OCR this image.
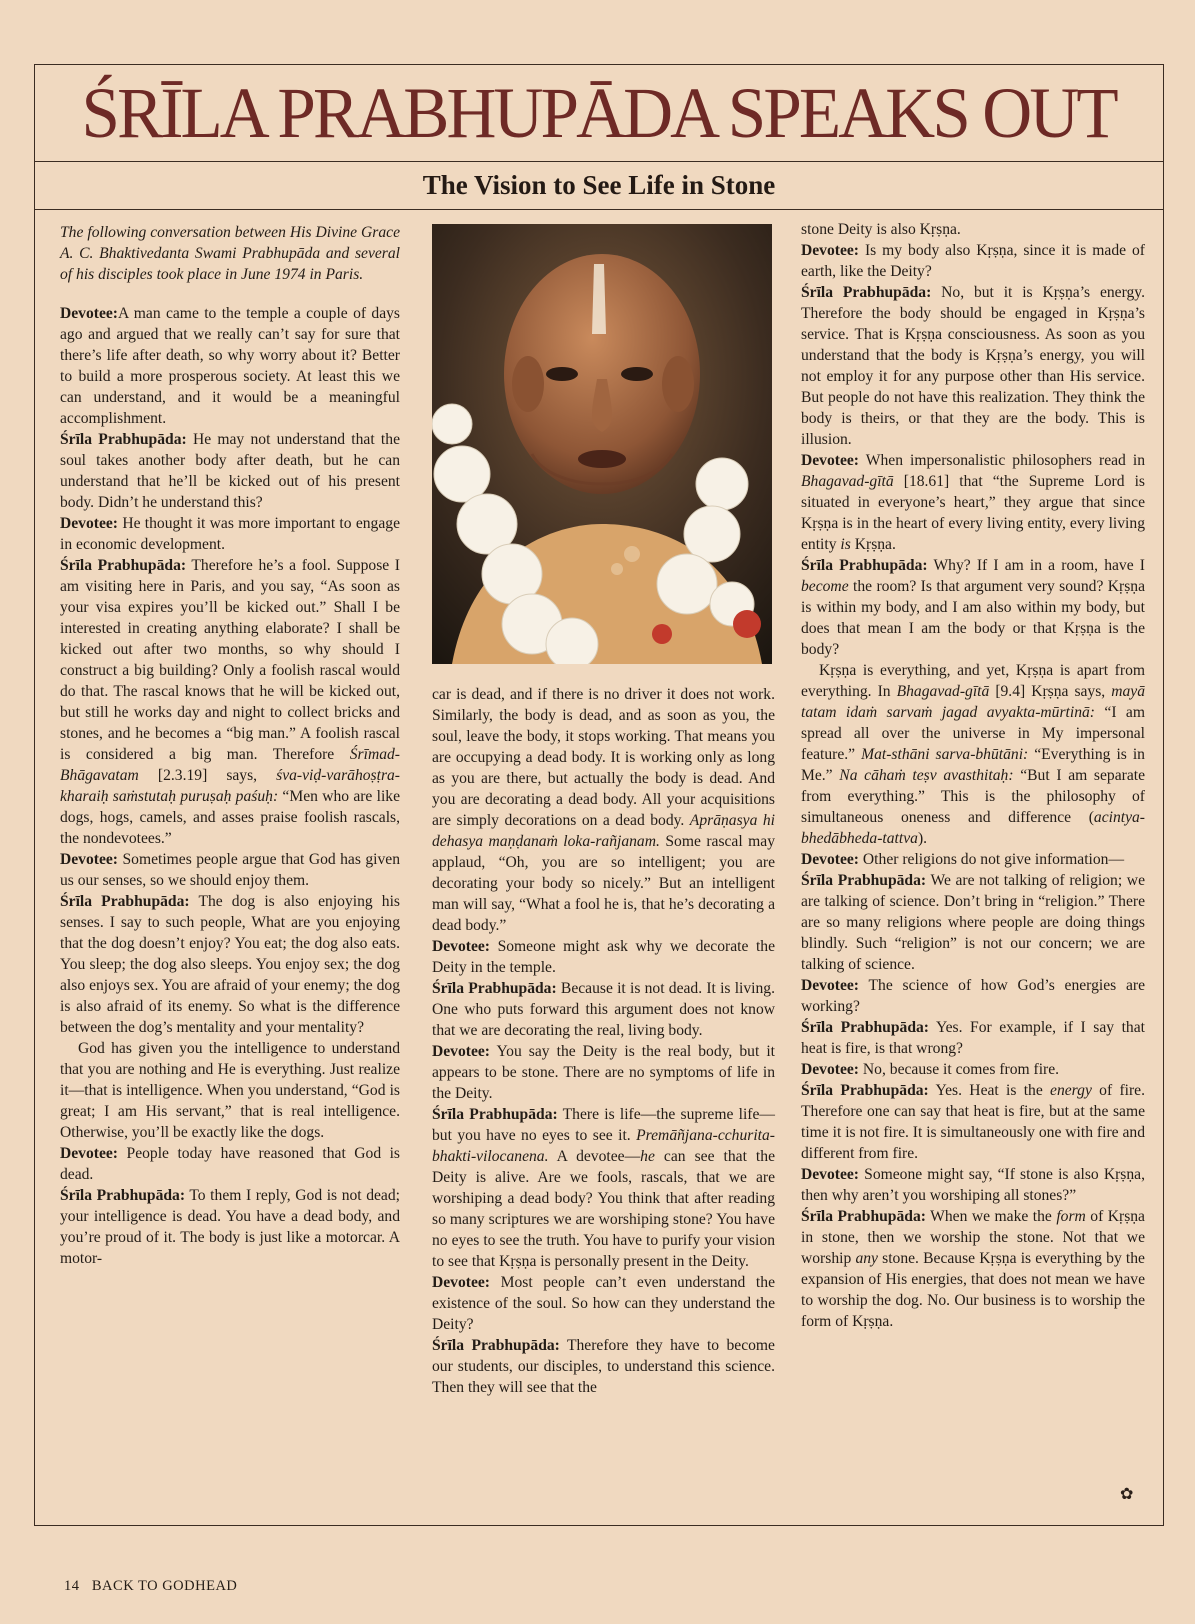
ŚRĪLA PRABHUPĀDA SPEAKS OUT
The Vision to See Life in Stone

The following conversation between His Divine Grace A. C. Bhaktivedanta Swami Prabhupāda and several of his disciples took place in June 1974 in Paris.

Devotee:A man came to the temple a couple of days ago and argued that we really can’t say for sure that there’s life after death, so why worry about it? Better to build a more prosperous society. At least this we can understand, and it would be a meaningful accomplishment.

Śrīla Prabhupāda: He may not understand that the soul takes another body after death, but he can understand that he’ll be kicked out of his present body. Didn’t he understand this?

Devotee: He thought it was more important to engage in economic development.

Śrīla Prabhupāda: Therefore he’s a fool. Suppose I am visiting here in Paris, and you say, “As soon as your visa expires you’ll be kicked out.” Shall I be interested in creating anything elaborate? I shall be kicked out after two months, so why should I construct a big building? Only a foolish rascal would do that. The rascal knows that he will be kicked out, but still he works day and night to collect bricks and stones, and he becomes a “big man.” A foolish rascal is considered a big man. Therefore Śrīmad-Bhāgavatam [2.3.19] says, śva-viḍ-varāhoṣṭra-kharaiḥ saṁstutaḥ puruṣaḥ paśuḥ: “Men who are like dogs, hogs, camels, and asses praise foolish rascals, the nondevotees.”

Devotee: Sometimes people argue that God has given us our senses, so we should enjoy them.

Śrīla Prabhupāda: The dog is also enjoying his senses. I say to such people, What are you enjoying that the dog doesn’t enjoy? You eat; the dog also eats. You sleep; the dog also sleeps. You enjoy sex; the dog also enjoys sex. You are afraid of your enemy; the dog is also afraid of its enemy. So what is the difference between the dog’s mentality and your mentality?

God has given you the intelligence to understand that you are nothing and He is everything. Just realize it—that is intelligence. When you understand, “God is great; I am His servant,” that is real intelligence. Otherwise, you’ll be exactly like the dogs.

Devotee: People today have reasoned that God is dead.

Śrīla Prabhupāda: To them I reply, God is not dead; your intelligence is dead. You have a dead body, and you’re proud of it. The body is just like a motorcar. A motor-

car is dead, and if there is no driver it does not work. Similarly, the body is dead, and as soon as you, the soul, leave the body, it stops working. That means you are occupying a dead body. It is working only as long as you are there, but actually the body is dead. And you are decorating a dead body. All your acquisitions are simply decorations on a dead body. Aprāṇasya hi dehasya maṇḍanaṁ loka-rañjanam. Some rascal may applaud, “Oh, you are so intelligent; you are decorating your body so nicely.” But an intelligent man will say, “What a fool he is, that he’s decorating a dead body.”

Devotee: Someone might ask why we decorate the Deity in the temple.

Śrīla Prabhupāda: Because it is not dead. It is living. One who puts forward this argument does not know that we are decorating the real, living body.

Devotee: You say the Deity is the real body, but it appears to be stone. There are no symptoms of life in the Deity.

Śrīla Prabhupāda: There is life—the supreme life—but you have no eyes to see it. Premāñjana-cchurita-bhakti-vilocanena. A devotee—he can see that the Deity is alive. Are we fools, rascals, that we are worshiping a dead body? You think that after reading so many scriptures we are worshiping stone? You have no eyes to see the truth. You have to purify your vision to see that Kṛṣṇa is personally present in the Deity.

Devotee: Most people can’t even understand the existence of the soul. So how can they understand the Deity?

Śrīla Prabhupāda: Therefore they have to become our students, our disciples, to understand this science. Then they will see that the

stone Deity is also Kṛṣṇa.

Devotee: Is my body also Kṛṣṇa, since it is made of earth, like the Deity?

Śrīla Prabhupāda: No, but it is Kṛṣṇa’s energy. Therefore the body should be engaged in Kṛṣṇa’s service. That is Kṛṣṇa consciousness. As soon as you understand that the body is Kṛṣṇa’s energy, you will not employ it for any purpose other than His service. But people do not have this realization. They think the body is theirs, or that they are the body. This is illusion.

Devotee: When impersonalistic philosophers read in Bhagavad-gītā [18.61] that “the Supreme Lord is situated in everyone’s heart,” they argue that since Kṛṣṇa is in the heart of every living entity, every living entity is Kṛṣṇa.

Śrīla Prabhupāda: Why? If I am in a room, have I become the room? Is that argument very sound? Kṛṣṇa is within my body, and I am also within my body, but does that mean I am the body or that Kṛṣṇa is the body?

Kṛṣṇa is everything, and yet, Kṛṣṇa is apart from everything. In Bhagavad-gītā [9.4] Kṛṣṇa says, mayā tatam idaṁ sarvaṁ jagad avyakta-mūrtinā: “I am spread all over the universe in My impersonal feature.” Mat-sthāni sarva-bhūtāni: “Everything is in Me.” Na cāhaṁ teṣv avasthitaḥ: “But I am separate from everything.” This is the philosophy of simultaneous oneness and difference (acintya-bhedābheda-tattva).

Devotee: Other religions do not give information—

Śrīla Prabhupāda: We are not talking of religion; we are talking of science. Don’t bring in “religion.” There are so many religions where people are doing things blindly. Such “religion” is not our concern; we are talking of science.

Devotee: The science of how God’s energies are working?

Śrīla Prabhupāda: Yes. For example, if I say that heat is fire, is that wrong?

Devotee: No, because it comes from fire.

Śrīla Prabhupāda: Yes. Heat is the energy of fire. Therefore one can say that heat is fire, but at the same time it is not fire. It is simultaneously one with fire and different from fire.

Devotee: Someone might say, “If stone is also Kṛṣṇa, then why aren’t you worshiping all stones?”

Śrīla Prabhupāda: When we make the form of Kṛṣṇa in stone, then we worship the stone. Not that we worship any stone. Because Kṛṣṇa is everything by the expansion of His energies, that does not mean we have to worship the dog. No. Our business is to worship the form of Kṛṣṇa.

✿
14 BACK TO GODHEAD
